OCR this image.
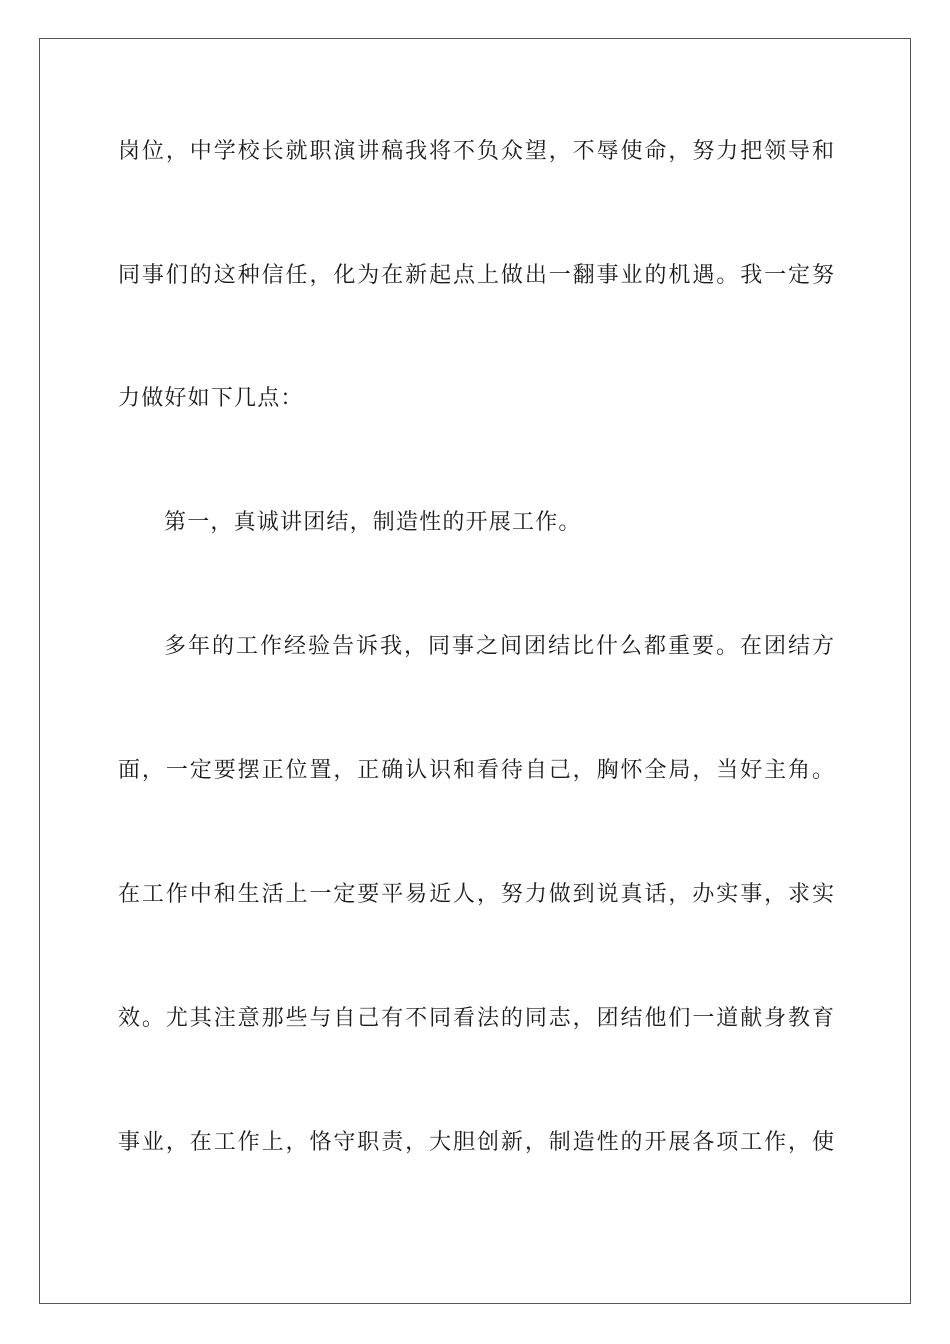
岗位，中学校长就职演讲稿我将不负众望，不辱使命，努力把领导和
同事们的这种信任，化为在新起点上做出一翻事业的机遇。我一定努
力做好如下几点：
第一，真诚讲团结，制造性的开展工作。
多年的工作经验告诉我，同事之间团结比什么都重要。在团结方
面，一定要摆正位置，正确认识和看待自己，胸怀全局，当好主角。
在工作中和生活上一定要平易近人，努力做到说真话，办实事，求实
效。尤其注意那些与自己有不同看法的同志，团结他们一道献身教育
事业，在工作上，恪守职责，大胆创新，制造性的开展各项工作，使
